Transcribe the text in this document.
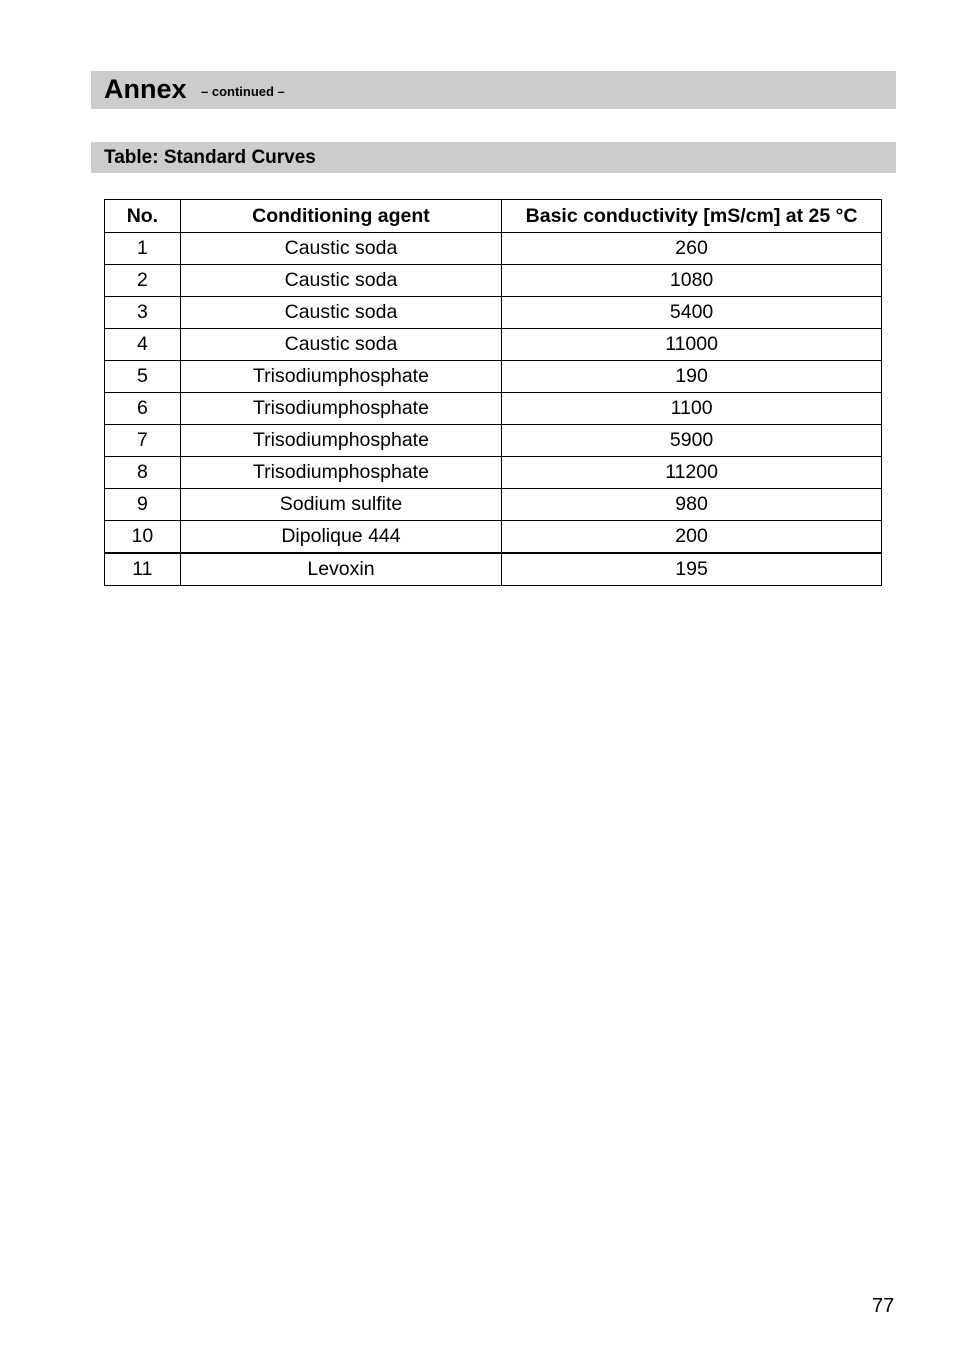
Annex – continued –
Table: Standard Curves
No.	Conditioning agent	Basic conductivity [mS/cm] at 25 °C
1	Caustic soda	260
2	Caustic soda	1080
3	Caustic soda	5400
4	Caustic soda	11000
5	Trisodiumphosphate	190
6	Trisodiumphosphate	1100
7	Trisodiumphosphate	5900
8	Trisodiumphosphate	11200
9	Sodium sulfite	980
10	Dipolique 444	200
11	Levoxin	195
77
